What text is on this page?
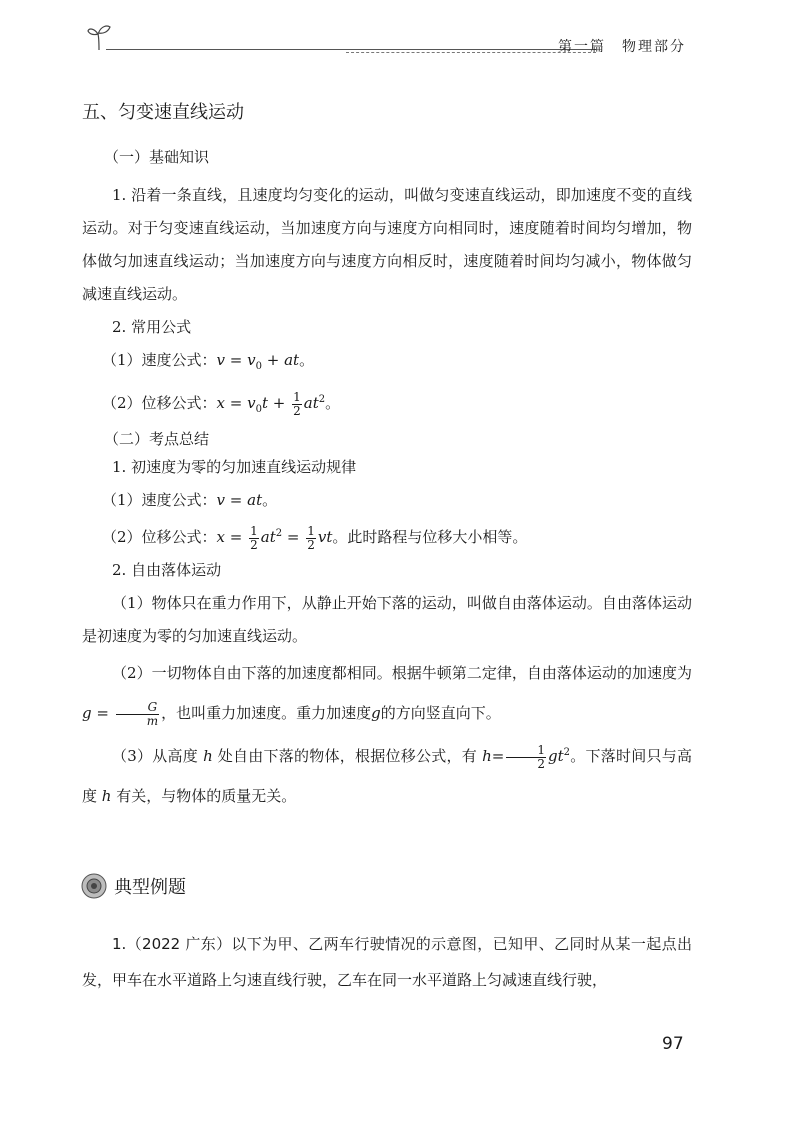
第一篇　物理部分
五、匀变速直线运动
（一）基础知识

1. 沿着一条直线，且速度均匀变化的运动，叫做匀变速直线运动，即加速度不变的直线运动。对于匀变速直线运动，当加速度方向与速度方向相同时，速度随着时间均匀增加，物体做匀加速直线运动；当加速度方向与速度方向相反时，速度随着时间均匀减小，物体做匀减速直线运动。

2. 常用公式
（1）速度公式：$v = v_0$ + at。
（2）位移公式：$x = v_0t + \frac{1}{2} at^2$。
（二）考点总结
1. 初速度为零的匀加速直线运动规律
（1）速度公式：v = at。
（2）位移公式：$x = \frac{1}{2} at^2 = \frac{1}{2}$ vt。此时路程与位移大小相等。
2. 自由落体运动

（1）物体只在重力作用下，从静止开始下落的运动，叫做自由落体运动。自由落体运动是初速度为零的匀加速直线运动。

（2）一切物体自由下落的加速度都相同。根据牛顿第二定律，自由落体运动的加速度为$g = \frac{G}{m}$ ，也叫重力加速度。重力加速度g的方向竖直向下。

（3）从高度 h 处自由下落的物体，根据位移公式，有 $h= \frac{1}{2} gt^2$。下落时间只与高度 h 有关，与物体的质量无关。

典型例题

1.（2022 广东）以下为甲、乙两车行驶情况的示意图，已知甲、乙同时从某一起点出发，甲车在水平道路上匀速直线行驶，乙车在同一水平道路上匀减速直线行驶，

97
